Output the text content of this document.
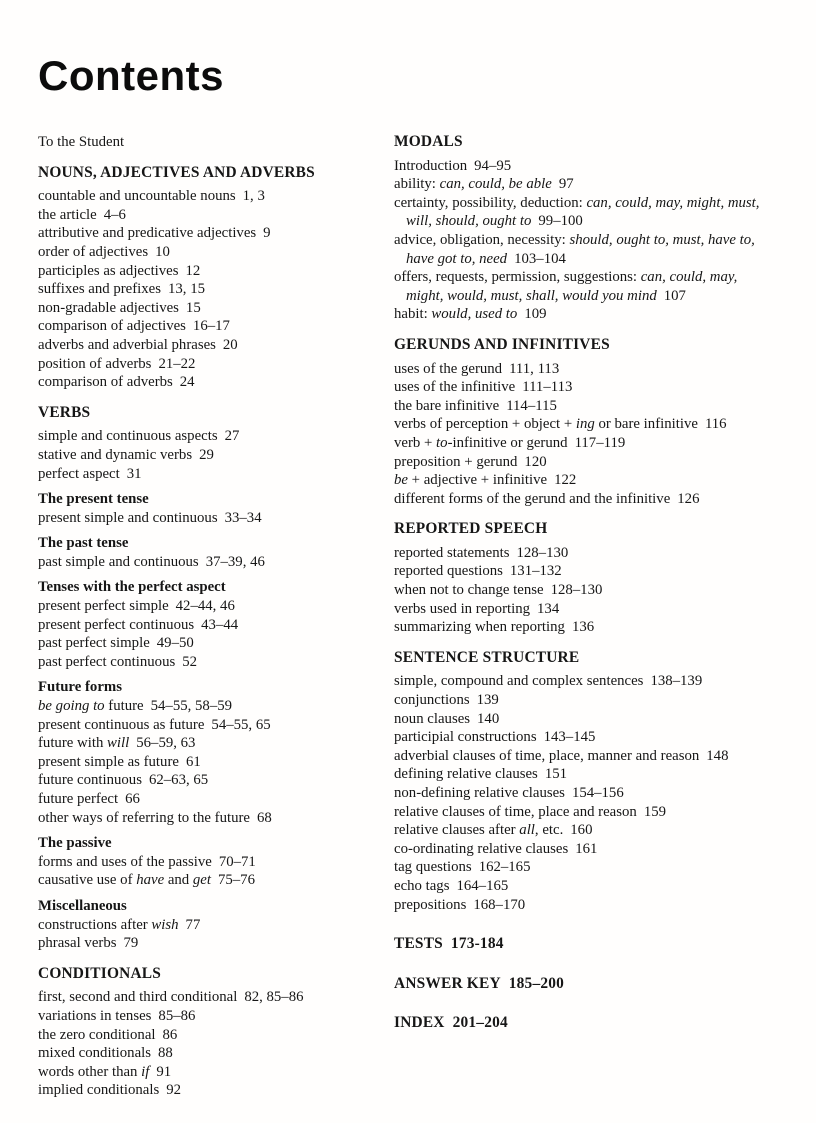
Contents
To the Student
NOUNS, ADJECTIVES AND ADVERBS
countable and uncountable nouns 1, 3
the article 4–6
attributive and predicative adjectives 9
order of adjectives 10
participles as adjectives 12
suffixes and prefixes 13, 15
non-gradable adjectives 15
comparison of adjectives 16–17
adverbs and adverbial phrases 20
position of adverbs 21–22
comparison of adverbs 24
VERBS
simple and continuous aspects 27
stative and dynamic verbs 29
perfect aspect 31
The present tense
present simple and continuous 33–34
The past tense
past simple and continuous 37–39, 46
Tenses with the perfect aspect
present perfect simple 42–44, 46
present perfect continuous 43–44
past perfect simple 49–50
past perfect continuous 52
Future forms
be going to future 54–55, 58–59
present continuous as future 54–55, 65
future with will 56–59, 63
present simple as future 61
future continuous 62–63, 65
future perfect 66
other ways of referring to the future 68
The passive
forms and uses of the passive 70–71
causative use of have and get 75–76
Miscellaneous
constructions after wish 77
phrasal verbs 79
CONDITIONALS
first, second and third conditional 82, 85–86
variations in tenses 85–86
the zero conditional 86
mixed conditionals 88
words other than if 91
implied conditionals 92
MODALS
Introduction 94–95
ability: can, could, be able 97
certainty, possibility, deduction: can, could, may, might, must, will, should, ought to 99–100
advice, obligation, necessity: should, ought to, must, have to, have got to, need 103–104
offers, requests, permission, suggestions: can, could, may, might, would, must, shall, would you mind 107
habit: would, used to 109
GERUNDS AND INFINITIVES
uses of the gerund 111, 113
uses of the infinitive 111–113
the bare infinitive 114–115
verbs of perception + object + ing or bare infinitive 116
verb + to-infinitive or gerund 117–119
preposition + gerund 120
be + adjective + infinitive 122
different forms of the gerund and the infinitive 126
REPORTED SPEECH
reported statements 128–130
reported questions 131–132
when not to change tense 128–130
verbs used in reporting 134
summarizing when reporting 136
SENTENCE STRUCTURE
simple, compound and complex sentences 138–139
conjunctions 139
noun clauses 140
participial constructions 143–145
adverbial clauses of time, place, manner and reason 148
defining relative clauses 151
non-defining relative clauses 154–156
relative clauses of time, place and reason 159
relative clauses after all, etc. 160
co-ordinating relative clauses 161
tag questions 162–165
echo tags 164–165
prepositions 168–170
TESTS 173-184
ANSWER KEY 185–200
INDEX 201–204
